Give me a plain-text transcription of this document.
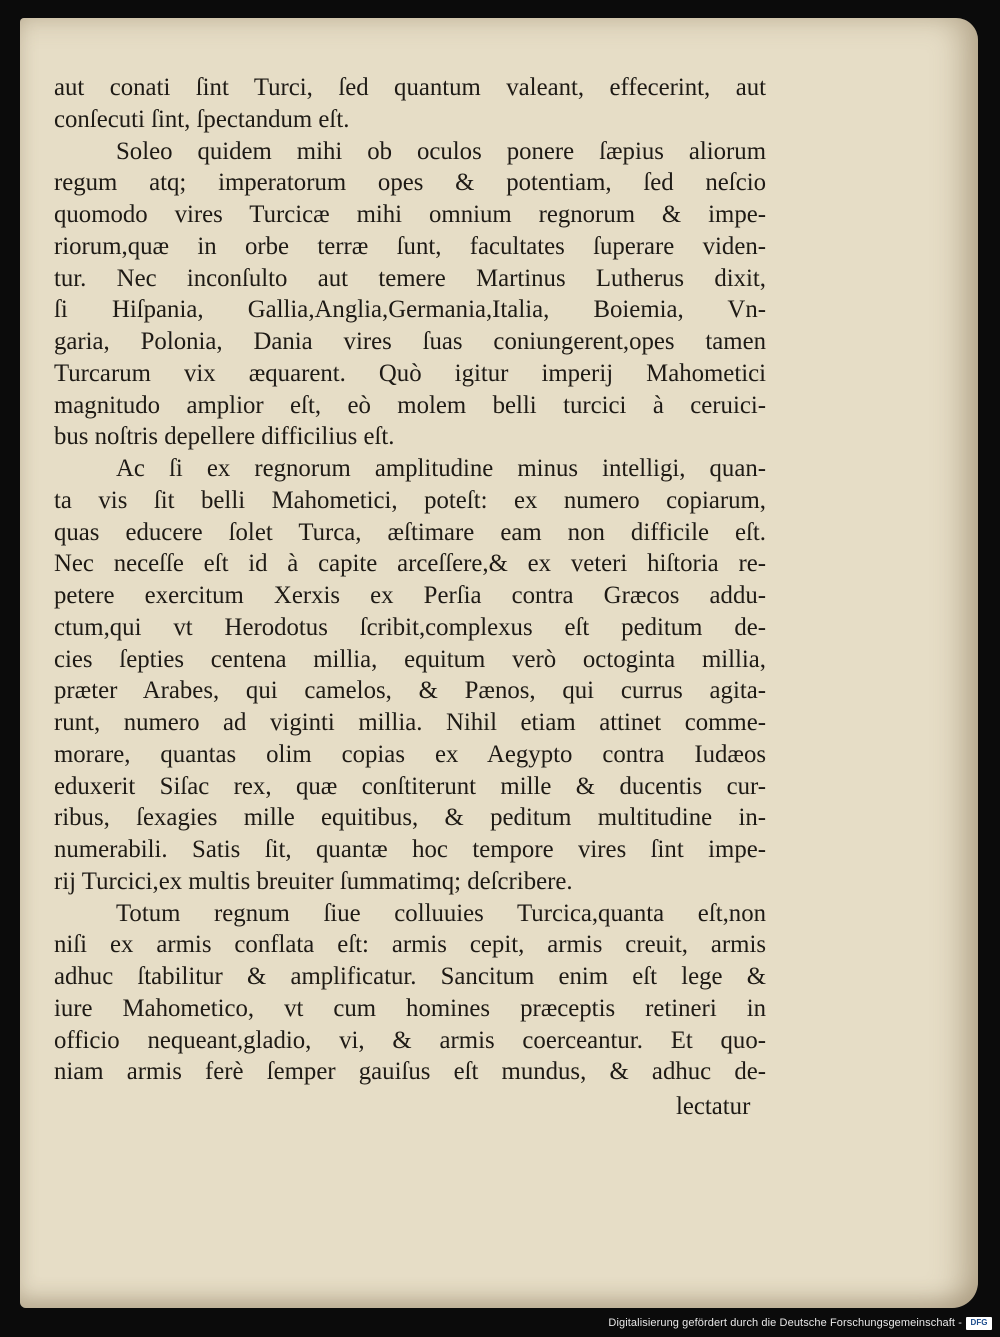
aut conati ſint Turci, ſed quantum valeant, effecerint, aut
conſecuti ſint, ſpectandum eſt.
Soleo quidem mihi ob oculos ponere ſæpius aliorum
regum atq; imperatorum opes & potentiam, ſed neſcio
quomodo vires Turcicæ mihi omnium regnorum & impe-
riorum,quæ in orbe terræ ſunt, facultates ſuperare viden-
tur. Nec inconſulto aut temere Martinus Lutherus dixit,
ſi Hiſpania, Gallia,Anglia,Germania,Italia, Boiemia, Vn-
garia, Polonia, Dania vires ſuas coniungerent,opes tamen
Turcarum vix æquarent. Quò igitur imperij Mahometici
magnitudo amplior eſt, eò molem belli turcici à ceruici-
bus noſtris depellere difficilius eſt.
Ac ſi ex regnorum amplitudine minus intelligi, quan-
ta vis ſit belli Mahometici, poteſt: ex numero copiarum,
quas educere ſolet Turca, æſtimare eam non difficile eſt.
Nec neceſſe eſt id à capite arceſſere,& ex veteri hiſtoria re-
petere exercitum Xerxis ex Perſia contra Græcos addu-
ctum,qui vt Herodotus ſcribit,complexus eſt peditum de-
cies ſepties centena millia, equitum verò octoginta millia,
præter Arabes, qui camelos, & Pænos, qui currus agita-
runt, numero ad viginti millia. Nihil etiam attinet comme-
morare, quantas olim copias ex Aegypto contra Iudæos
eduxerit Siſac rex, quæ conſtiterunt mille & ducentis cur-
ribus, ſexagies mille equitibus, & peditum multitudine in-
numerabili. Satis ſit, quantæ hoc tempore vires ſint impe-
rij Turcici,ex multis breuiter ſummatimq; deſcribere.
Totum regnum ſiue colluuies Turcica,quanta eſt,non
niſi ex armis conflata eſt: armis cepit, armis creuit, armis
adhuc ſtabilitur & amplificatur. Sancitum enim eſt lege &
iure Mahometico, vt cum homines præceptis retineri in
officio nequeant,gladio, vi, & armis coerceantur. Et quo-
niam armis ferè ſemper gauiſus eſt mundus, & adhuc de-
lectatur
Digitalisierung gefördert durch die Deutsche Forschungsgemeinschaft - DFG
